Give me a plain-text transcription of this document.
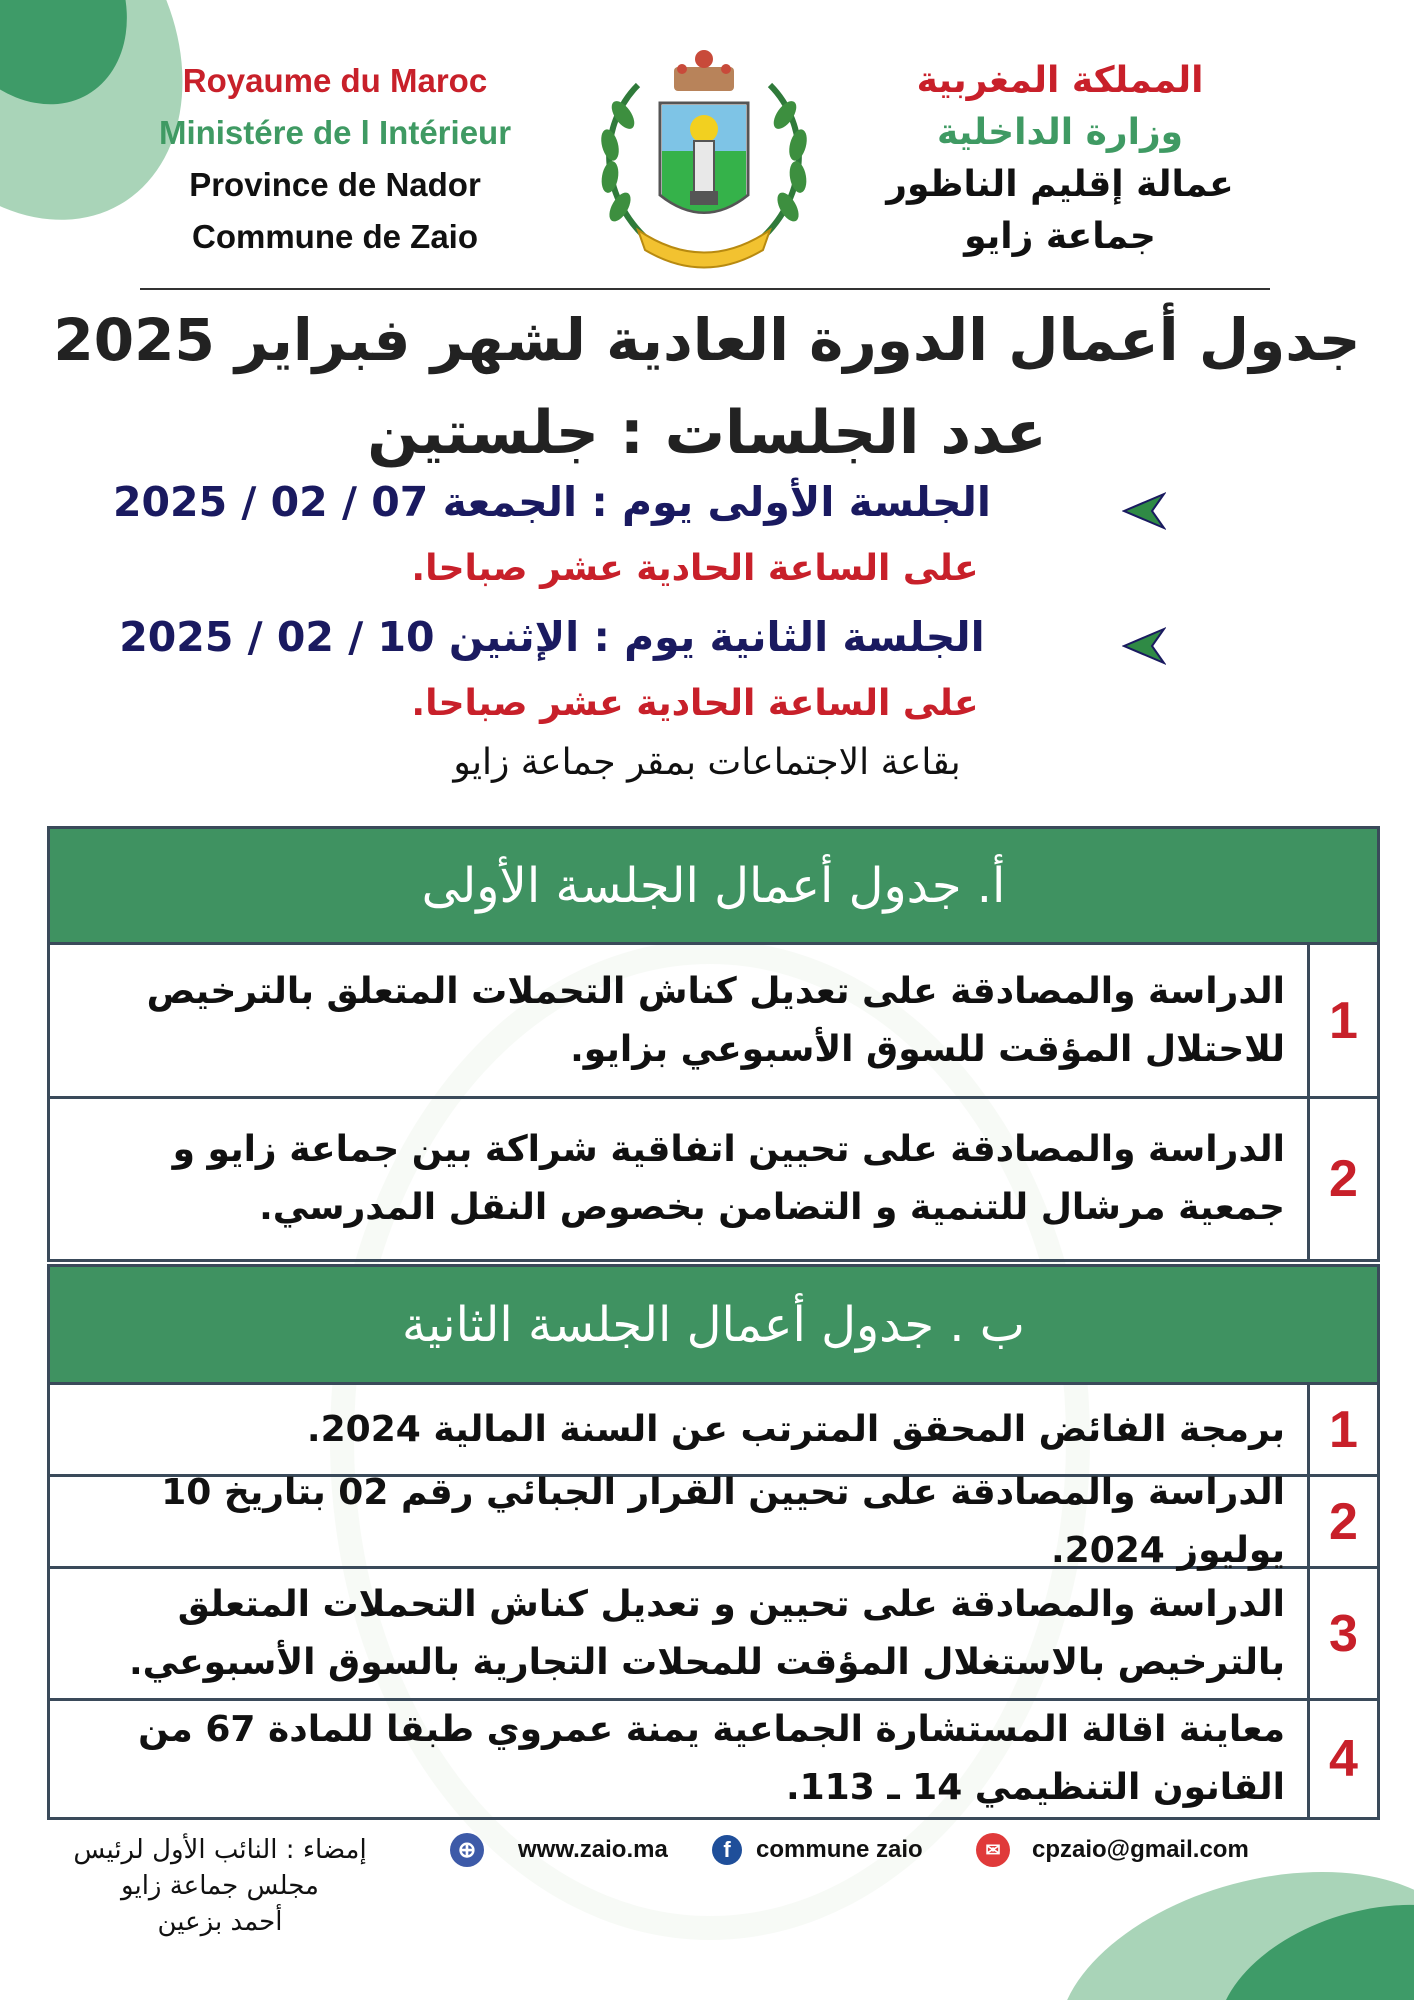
Royaume du Maroc
Ministére de l Intérieur
Province de Nador
Commune de Zaio
المملكة المغربية
وزارة الداخلية
عمالة إقليم الناظور
جماعة زايو
جدول أعمال الدورة العادية لشهر فبراير 2025
عدد الجلسات : جلستين
الجلسة الأولى يوم : الجمعة 07 / 02 / 2025
على الساعة الحادية عشر صباحا.
الجلسة الثانية يوم : الإثنين 10 / 02 / 2025
على الساعة الحادية عشر صباحا.
بقاعة الاجتماعات بمقر جماعة زايو
أ. جدول أعمال الجلسة الأولى
1
الدراسة والمصادقة على تعديل كناش التحملات المتعلق بالترخيص للاحتلال المؤقت للسوق الأسبوعي بزايو.
2
الدراسة والمصادقة على تحيين اتفاقية شراكة بين جماعة زايو و جمعية مرشال للتنمية و التضامن بخصوص النقل المدرسي.
ب . جدول أعمال الجلسة الثانية
1
برمجة الفائض المحقق المترتب عن السنة المالية 2024.
2
الدراسة والمصادقة على تحيين القرار الجبائي رقم 02 بتاريخ 10 يوليوز 2024.
3
الدراسة والمصادقة على تحيين و تعديل كناش التحملات المتعلق بالترخيص بالاستغلال المؤقت للمحلات التجارية بالسوق الأسبوعي.
4
معاينة اقالة المستشارة الجماعية يمنة عمروي طبقا للمادة 67 من القانون التنظيمي 14 ـ 113.
إمضاء : النائب الأول لرئيس
مجلس جماعة زايو
أحمد بزعين
⊕	www.zaio.ma	f	commune zaio	✉	cpzaio@gmail.com
